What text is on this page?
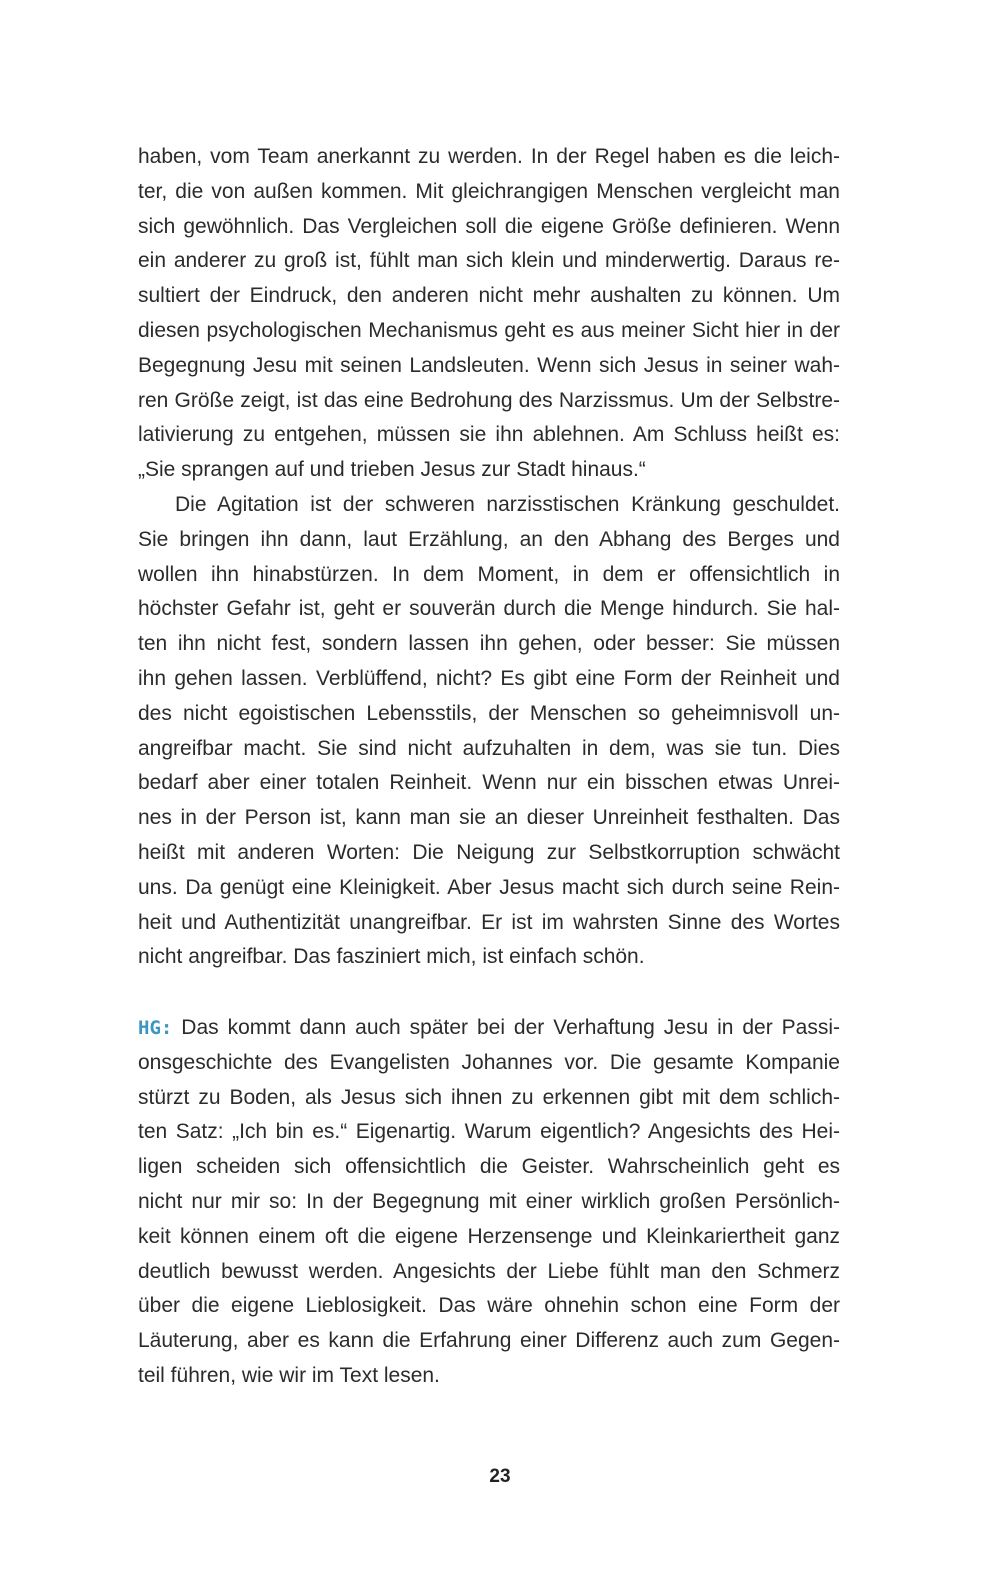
haben, vom Team anerkannt zu werden. In der Regel haben es die leich-
ter, die von außen kommen. Mit gleichrangigen Menschen vergleicht man
sich gewöhnlich. Das Vergleichen soll die eigene Größe definieren. Wenn
ein anderer zu groß ist, fühlt man sich klein und minderwertig. Daraus re-
sultiert der Eindruck, den anderen nicht mehr aushalten zu können. Um
diesen psychologischen Mechanismus geht es aus meiner Sicht hier in der
Begegnung Jesu mit seinen Landsleuten. Wenn sich Jesus in seiner wah-
ren Größe zeigt, ist das eine Bedrohung des Narzissmus. Um der Selbstre-
lativierung zu entgehen, müssen sie ihn ablehnen. Am Schluss heißt es:
„Sie sprangen auf und trieben Jesus zur Stadt hinaus.“
Die Agitation ist der schweren narzisstischen Kränkung geschuldet.
Sie bringen ihn dann, laut Erzählung, an den Abhang des Berges und
wollen ihn hinabstürzen. In dem Moment, in dem er offensichtlich in
höchster Gefahr ist, geht er souverän durch die Menge hindurch. Sie hal-
ten ihn nicht fest, sondern lassen ihn gehen, oder besser: Sie müssen
ihn gehen lassen. Verblüffend, nicht? Es gibt eine Form der Reinheit und
des nicht egoistischen Lebensstils, der Menschen so geheimnisvoll un-
angreifbar macht. Sie sind nicht aufzuhalten in dem, was sie tun. Dies
bedarf aber einer totalen Reinheit. Wenn nur ein bisschen etwas Unrei-
nes in der Person ist, kann man sie an dieser Unreinheit festhalten. Das
heißt mit anderen Worten: Die Neigung zur Selbstkorruption schwächt
uns. Da genügt eine Kleinigkeit. Aber Jesus macht sich durch seine Rein-
heit und Authentizität unangreifbar. Er ist im wahrsten Sinne des Wortes
nicht angreifbar. Das fasziniert mich, ist einfach schön.
HG: Das kommt dann auch später bei der Verhaftung Jesu in der Passi-
onsgeschichte des Evangelisten Johannes vor. Die gesamte Kompanie
stürzt zu Boden, als Jesus sich ihnen zu erkennen gibt mit dem schlich-
ten Satz: „Ich bin es.“ Eigenartig. Warum eigentlich? Angesichts des Hei-
ligen scheiden sich offensichtlich die Geister. Wahrscheinlich geht es
nicht nur mir so: In der Begegnung mit einer wirklich großen Persönlich-
keit können einem oft die eigene Herzensenge und Kleinkariertheit ganz
deutlich bewusst werden. Angesichts der Liebe fühlt man den Schmerz
über die eigene Lieblosigkeit. Das wäre ohnehin schon eine Form der
Läuterung, aber es kann die Erfahrung einer Differenz auch zum Gegen-
teil führen, wie wir im Text lesen.
23
